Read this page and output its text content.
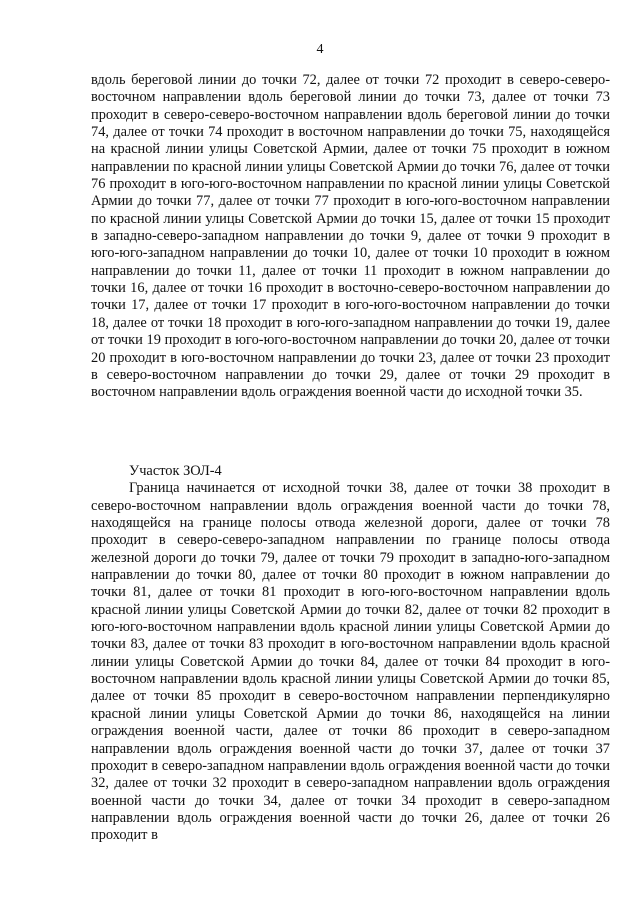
4

вдоль береговой линии до точки 72, далее от точки 72 проходит в северо-северо-восточном направлении вдоль береговой линии до точки 73, далее от точки 73 проходит в северо-северо-восточном направлении вдоль береговой линии до точки 74, далее от точки 74 проходит в восточном направлении до точки 75, находящейся на красной линии улицы Советской Армии, далее от точки 75 проходит в южном направлении по красной линии улицы Советской Армии до точки 76, далее от точки 76 проходит в юго-юго-восточном направлении по красной линии улицы Советской Армии до точки 77, далее от точки 77 проходит в юго-юго-восточном направлении по красной линии улицы Советской Армии до точки 15, далее от точки 15 проходит в западно-северо-западном направлении до точки 9, далее от точки 9 проходит в юго-юго-западном направлении до точки 10, далее от точки 10 проходит в южном направлении до точки 11, далее от точки 11 проходит в южном направлении до точки 16, далее от точки 16 проходит в восточно-северо-восточном направлении до точки 17, далее от точки 17 проходит в юго-юго-восточном направлении до точки 18, далее от точки 18 проходит в юго-юго-западном направлении до точки 19, далее от точки 19 проходит в юго-юго-восточном направлении до точки 20, далее от точки 20 проходит в юго-восточном направлении до точки 23, далее от точки 23 проходит в северо-восточном направлении до точки 29, далее от точки 29 проходит в восточном направлении вдоль ограждения военной части до исходной точки 35.

Участок ЗОЛ-4

Граница начинается от исходной точки 38, далее от точки 38 проходит в северо-восточном направлении вдоль ограждения военной части до точки 78, находящейся на границе полосы отвода железной дороги, далее от точки 78 проходит в северо-северо-западном направлении по границе полосы отвода железной дороги до точки 79, далее от точки 79 проходит в западно-юго-западном направлении до точки 80, далее от точки 80 проходит в южном направлении до точки 81, далее от точки 81 проходит в юго-юго-восточном направлении вдоль красной линии улицы Советской Армии до точки 82, далее от точки 82 проходит в юго-юго-восточном направлении вдоль красной линии улицы Советской Армии до точки 83, далее от точки 83 проходит в юго-восточном направлении вдоль красной линии улицы Советской Армии до точки 84, далее от точки 84 проходит в юго-восточном направлении вдоль красной линии улицы Советской Армии до точки 85, далее от точки 85 проходит в северо-восточном направлении перпендикулярно красной линии улицы Советской Армии до точки 86, находящейся на линии ограждения военной части, далее от точки 86 проходит в северо-западном направлении вдоль ограждения военной части до точки 37, далее от точки 37 проходит в северо-западном направлении вдоль ограждения военной части до точки 32, далее от точки 32 проходит в северо-западном направлении вдоль ограждения военной части до точки 34, далее от точки 34 проходит в северо-западном направлении вдоль ограждения военной части до точки 26, далее от точки 26 проходит в
